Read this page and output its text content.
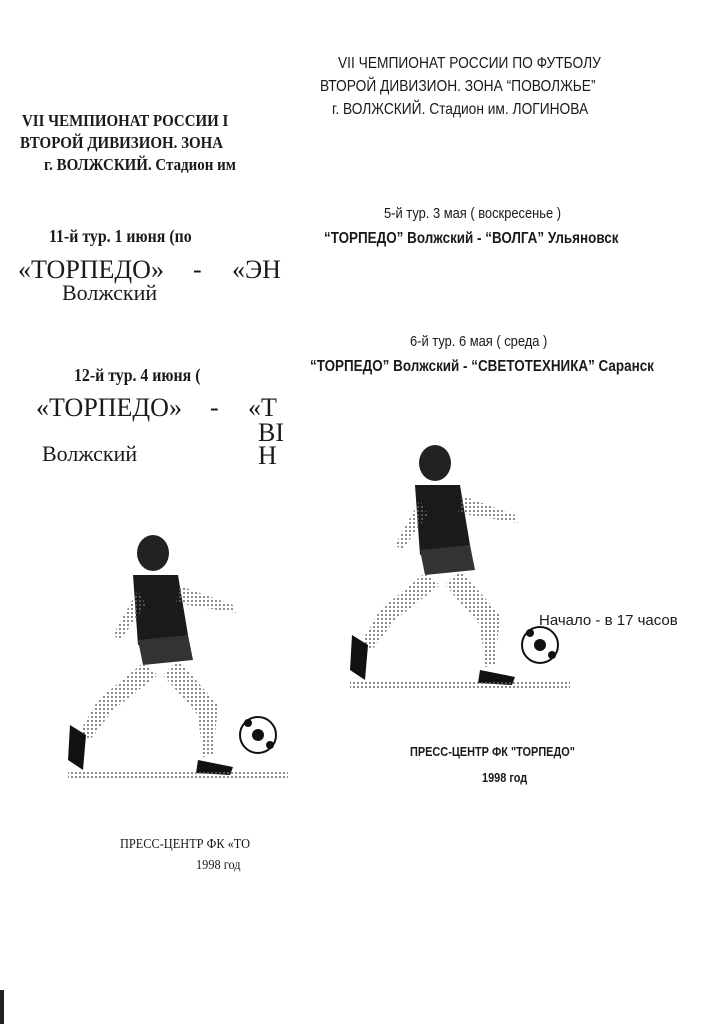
VII ЧЕМПИОНАТ РОССИИ I
ВТОРОЙ ДИВИЗИОН. ЗОНА
г. ВОЛЖСКИЙ. Стадион им
11-й тур. 1 июня (по
«ТОРПЕДО» - «ЭН
Волжский
12-й тур. 4 июня (
«ТОРПЕДО» - «Т
ВІ
Волжский	Н
ПРЕСС-ЦЕНТР ФК «ТО
1998 год
VII ЧЕМПИОНАТ РОССИИ ПО ФУТБОЛУ
ВТОРОЙ ДИВИЗИОН. ЗОНА “ПОВОЛЖЬЕ”
г. ВОЛЖСКИЙ. Стадион им. ЛОГИНОВА
5-й тур. 3 мая ( воскресенье )
“ТОРПЕДО” Волжский - “ВОЛГА” Ульяновск
6-й тур. 6 мая ( среда )
“ТОРПЕДО” Волжский - “СВЕТОТЕХНИКА” Саранск
Начало - в 17 часов
ПРЕСС-ЦЕНТР ФК "ТОРПЕДО"
1998 год
